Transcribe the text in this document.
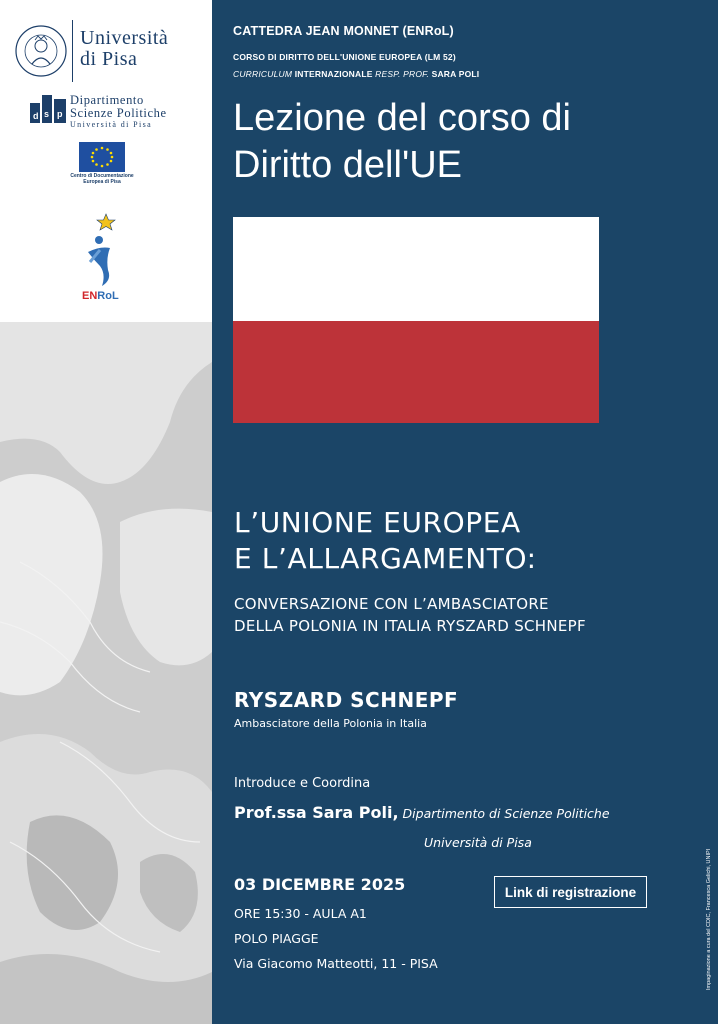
Università
di Pisa
d s p
Dipartimento
Scienze Politiche
Università di Pisa
Centro di Documentazione Europea di Pisa
ENRoL
CATTEDRA JEAN MONNET (ENRoL)
CORSO DI DIRITTO DELL'UNIONE EUROPEA (LM 52)
CURRICULUM INTERNAZIONALE RESP. PROF. SARA POLI
Lezione del corso di
Diritto dell'UE
L’UNIONE EUROPEA
E L’ALLARGAMENTO:
CONVERSAZIONE CON L’AMBASCIATORE
DELLA POLONIA IN ITALIA RYSZARD SCHNEPF
RYSZARD SCHNEPF
Ambasciatore della Polonia in Italia
Introduce e Coordina
Prof.ssa Sara Poli, Dipartimento di Scienze Politiche
Università di Pisa
03 DICEMBRE 2025
ORE 15:30 - AULA A1
POLO PIAGGE
Via Giacomo Matteotti, 11 - PISA
Link di registrazione	Impaginazione a cura del CDIC, Francesca Gelichi, UNIPI
